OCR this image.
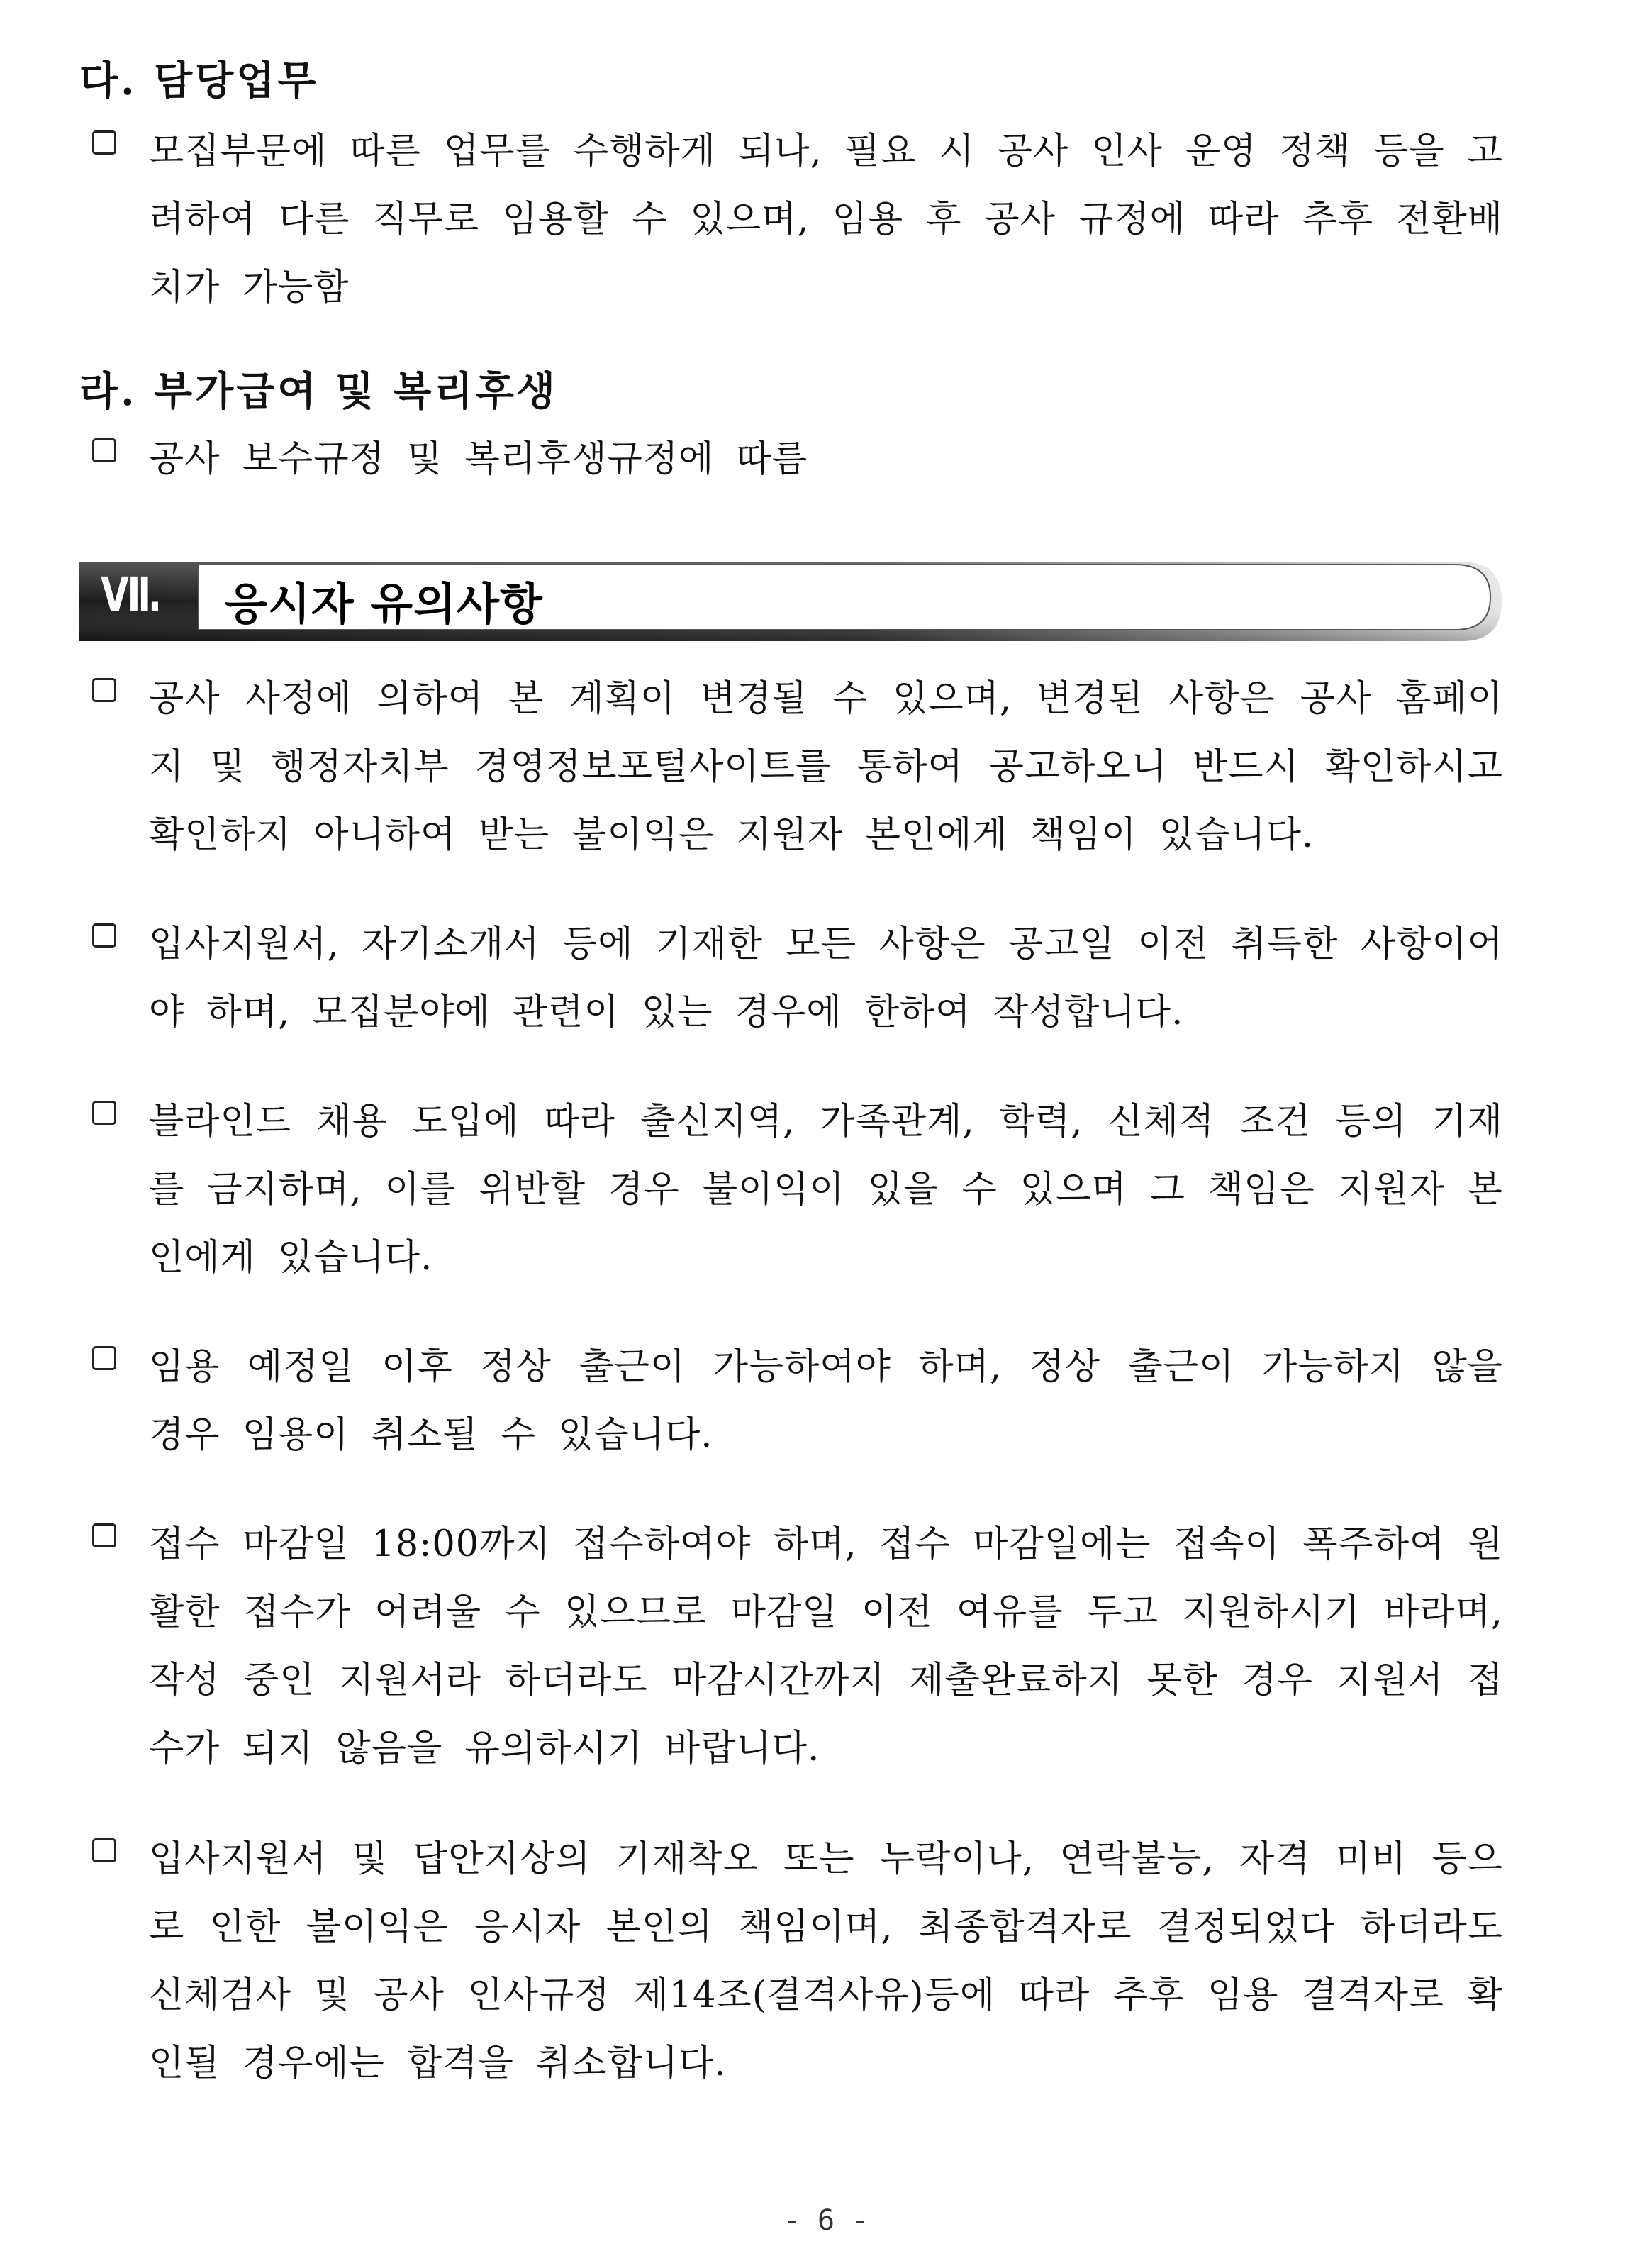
다. 담당업무
모집부문에 따른 업무를 수행하게 되나, 필요 시 공사 인사 운영 정책 등을 고려하여 다른 직무로 임용할 수 있으며, 임용 후 공사 규정에 따라 추후 전환배치가 가능함
라. 부가급여 및 복리후생
공사 보수규정 및 복리후생규정에 따름
Ⅶ.	응시자 유의사항
공사 사정에 의하여 본 계획이 변경될 수 있으며, 변경된 사항은 공사 홈페이지 및 행정자치부 경영정보포털사이트를 통하여 공고하오니 반드시 확인하시고 확인하지 아니하여 받는 불이익은 지원자 본인에게 책임이 있습니다.
입사지원서, 자기소개서 등에 기재한 모든 사항은 공고일 이전 취득한 사항이어야 하며, 모집분야에 관련이 있는 경우에 한하여 작성합니다.
블라인드 채용 도입에 따라 출신지역, 가족관계, 학력, 신체적 조건 등의 기재를 금지하며, 이를 위반할 경우 불이익이 있을 수 있으며 그 책임은 지원자 본인에게 있습니다.
임용 예정일 이후 정상 출근이 가능하여야 하며, 정상 출근이 가능하지 않을 경우 임용이 취소될 수 있습니다.
접수 마감일 18:00까지 접수하여야 하며, 접수 마감일에는 접속이 폭주하여 원활한 접수가 어려울 수 있으므로 마감일 이전 여유를 두고 지원하시기 바라며, 작성 중인 지원서라 하더라도 마감시간까지 제출완료하지 못한 경우 지원서 접수가 되지 않음을 유의하시기 바랍니다.
입사지원서 및 답안지상의 기재착오 또는 누락이나, 연락불능, 자격 미비 등으로 인한 불이익은 응시자 본인의 책임이며, 최종합격자로 결정되었다 하더라도 신체검사 및 공사 인사규정 제14조(결격사유)등에 따라 추후 임용 결격자로 확인될 경우에는 합격을 취소합니다.
- 6 -
